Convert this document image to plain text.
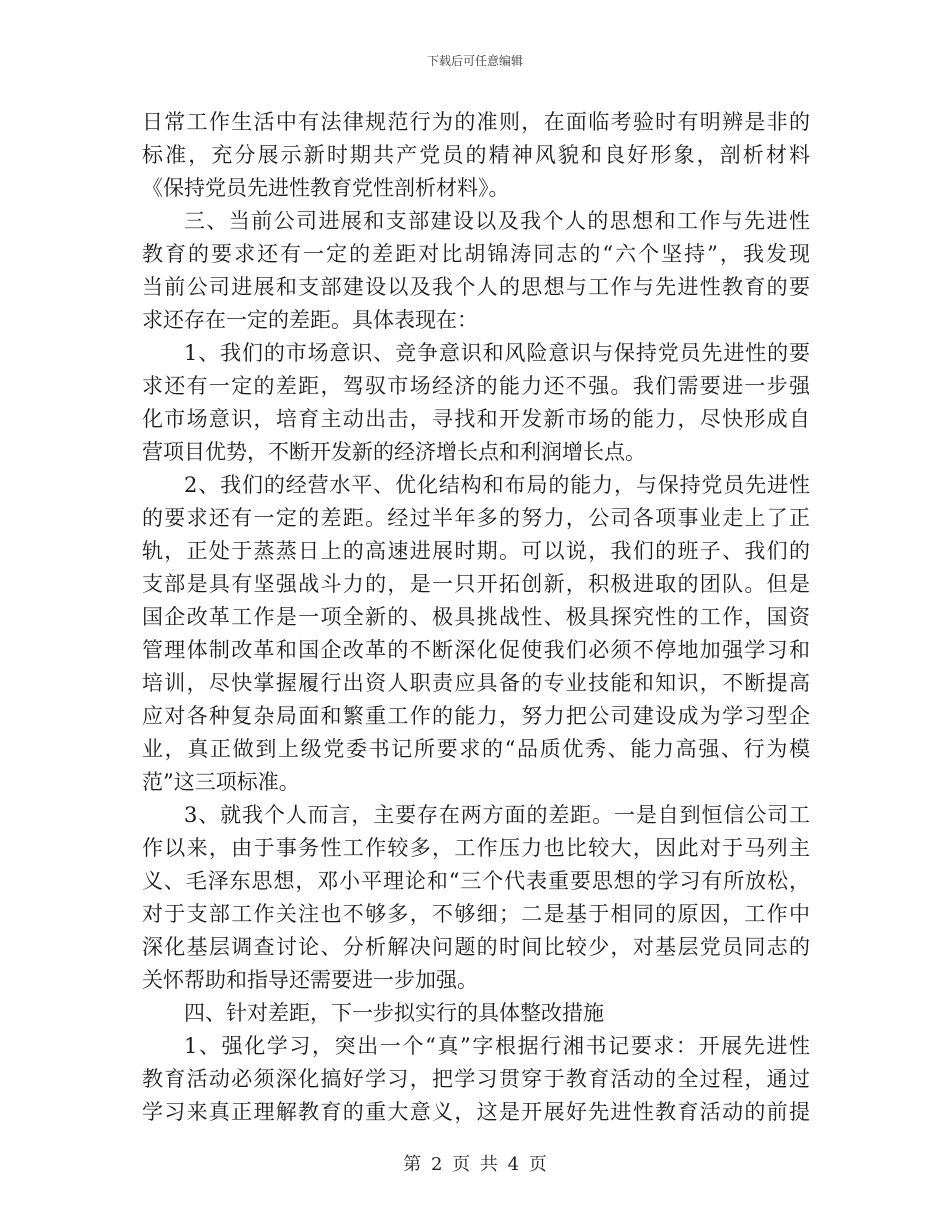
下载后可任意编辑
日常工作生活中有法律规范行为的准则，在面临考验时有明辨是非的
标准，充分展示新时期共产党员的精神风貌和良好形象，剖析材料
《保持党员先进性教育党性剖析材料》。
三、当前公司进展和支部建设以及我个人的思想和工作与先进性
教育的要求还有一定的差距对比胡锦涛同志的“六个坚持”，我发现
当前公司进展和支部建设以及我个人的思想与工作与先进性教育的要
求还存在一定的差距。具体表现在：
1、我们的市场意识、竞争意识和风险意识与保持党员先进性的要
求还有一定的差距，驾驭市场经济的能力还不强。我们需要进一步强
化市场意识，培育主动出击，寻找和开发新市场的能力，尽快形成自
营项目优势，不断开发新的经济增长点和利润增长点。
2、我们的经营水平、优化结构和布局的能力，与保持党员先进性
的要求还有一定的差距。经过半年多的努力，公司各项事业走上了正
轨，正处于蒸蒸日上的高速进展时期。可以说，我们的班子、我们的
支部是具有坚强战斗力的，是一只开拓创新，积极进取的团队。但是
国企改革工作是一项全新的、极具挑战性、极具探究性的工作，国资
管理体制改革和国企改革的不断深化促使我们必须不停地加强学习和
培训，尽快掌握履行出资人职责应具备的专业技能和知识，不断提高
应对各种复杂局面和繁重工作的能力，努力把公司建设成为学习型企
业，真正做到上级党委书记所要求的“品质优秀、能力高强、行为模
范”这三项标准。
3、就我个人而言，主要存在两方面的差距。一是自到恒信公司工
作以来，由于事务性工作较多，工作压力也比较大，因此对于马列主
义、毛泽东思想，邓小平理论和“三个代表重要思想的学习有所放松，
对于支部工作关注也不够多，不够细；二是基于相同的原因，工作中
深化基层调查讨论、分析解决问题的时间比较少，对基层党员同志的
关怀帮助和指导还需要进一步加强。
四、针对差距，下一步拟实行的具体整改措施
1、强化学习，突出一个“真”字根据行湘书记要求：开展先进性
教育活动必须深化搞好学习，把学习贯穿于教育活动的全过程，通过
学习来真正理解教育的重大意义，这是开展好先进性教育活动的前提
第 2 页 共 4 页
